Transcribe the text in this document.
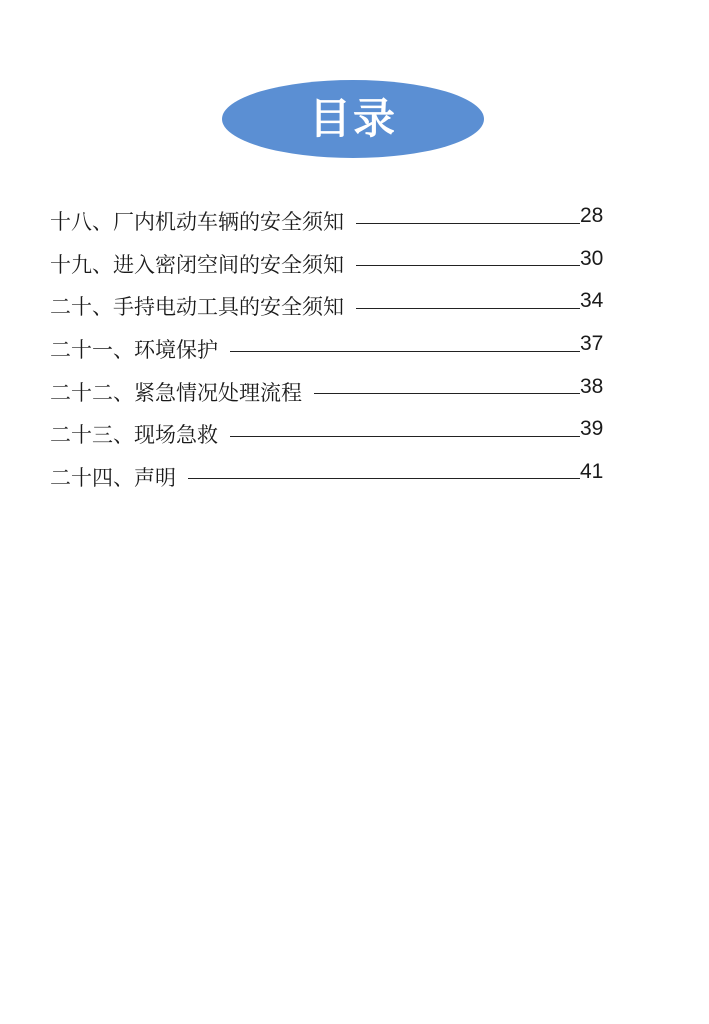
目录
十八、厂内机动车辆的安全须知	28
十九、进入密闭空间的安全须知	30
二十、手持电动工具的安全须知	34
二十一、环境保护	37
二十二、紧急情况处理流程	38
二十三、现场急救	39
二十四、声明	41
